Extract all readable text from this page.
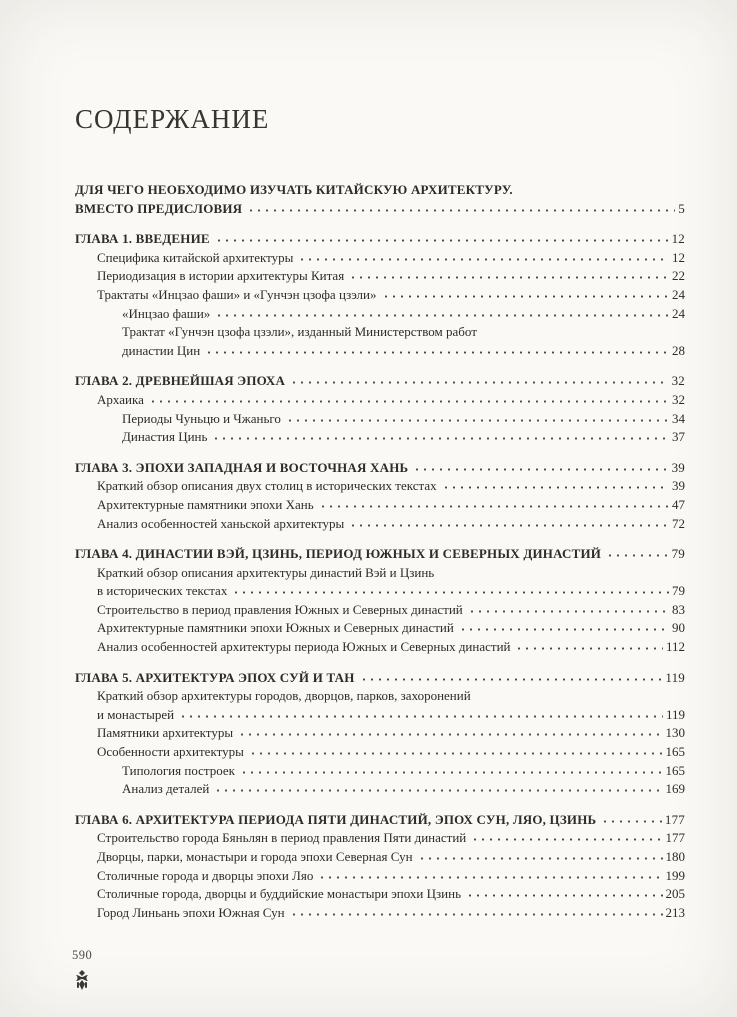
СОДЕРЖАНИЕ
ДЛЯ ЧЕГО НЕОБХОДИМО ИЗУЧАТЬ КИТАЙСКУЮ АРХИТЕКТУРУ.
ВМЕСТО ПРЕДИСЛОВИЯ	5
ГЛАВА 1. ВВЕДЕНИЕ	12
Специфика китайской архитектуры	12
Периодизация в истории архитектуры Китая	22
Трактаты «Инцзао фаши» и «Гунчэн цзофа цзэли»	24
«Инцзао фаши»	24
Трактат «Гунчэн цзофа цзэли», изданный Министерством работ
династии Цин	28
ГЛАВА 2. ДРЕВНЕЙШАЯ ЭПОХА	32
Архаика	32
Периоды Чуньцю и Чжаньго	34
Династия Цинь	37
ГЛАВА 3. ЭПОХИ ЗАПАДНАЯ И ВОСТОЧНАЯ ХАНЬ	39
Краткий обзор описания двух столиц в исторических текстах	39
Архитектурные памятники эпохи Хань	47
Анализ особенностей ханьской архитектуры	72
ГЛАВА 4. ДИНАСТИИ ВЭЙ, ЦЗИНЬ, ПЕРИОД ЮЖНЫХ И СЕВЕРНЫХ ДИНАСТИЙ	79
Краткий обзор описания архитектуры династий Вэй и Цзинь
в исторических текстах	79
Строительство в период правления Южных и Северных династий	83
Архитектурные памятники эпохи Южных и Северных династий	90
Анализ особенностей архитектуры периода Южных и Северных династий	112
ГЛАВА 5. АРХИТЕКТУРА ЭПОХ СУЙ И ТАН	119
Краткий обзор архитектуры городов, дворцов, парков, захоронений
и монастырей	119
Памятники архитектуры	130
Особенности архитектуры	165
Типология построек	165
Анализ деталей	169
ГЛАВА 6. АРХИТЕКТУРА ПЕРИОДА ПЯТИ ДИНАСТИЙ, ЭПОХ СУН, ЛЯО, ЦЗИНЬ	177
Строительство города Бяньлян в период правления Пяти династий	177
Дворцы, парки, монастыри и города эпохи Северная Сун	180
Столичные города и дворцы эпохи Ляо	199
Столичные города, дворцы и буддийские монастыри эпохи Цзинь	205
Город Линьань эпохи Южная Сун	213
590
